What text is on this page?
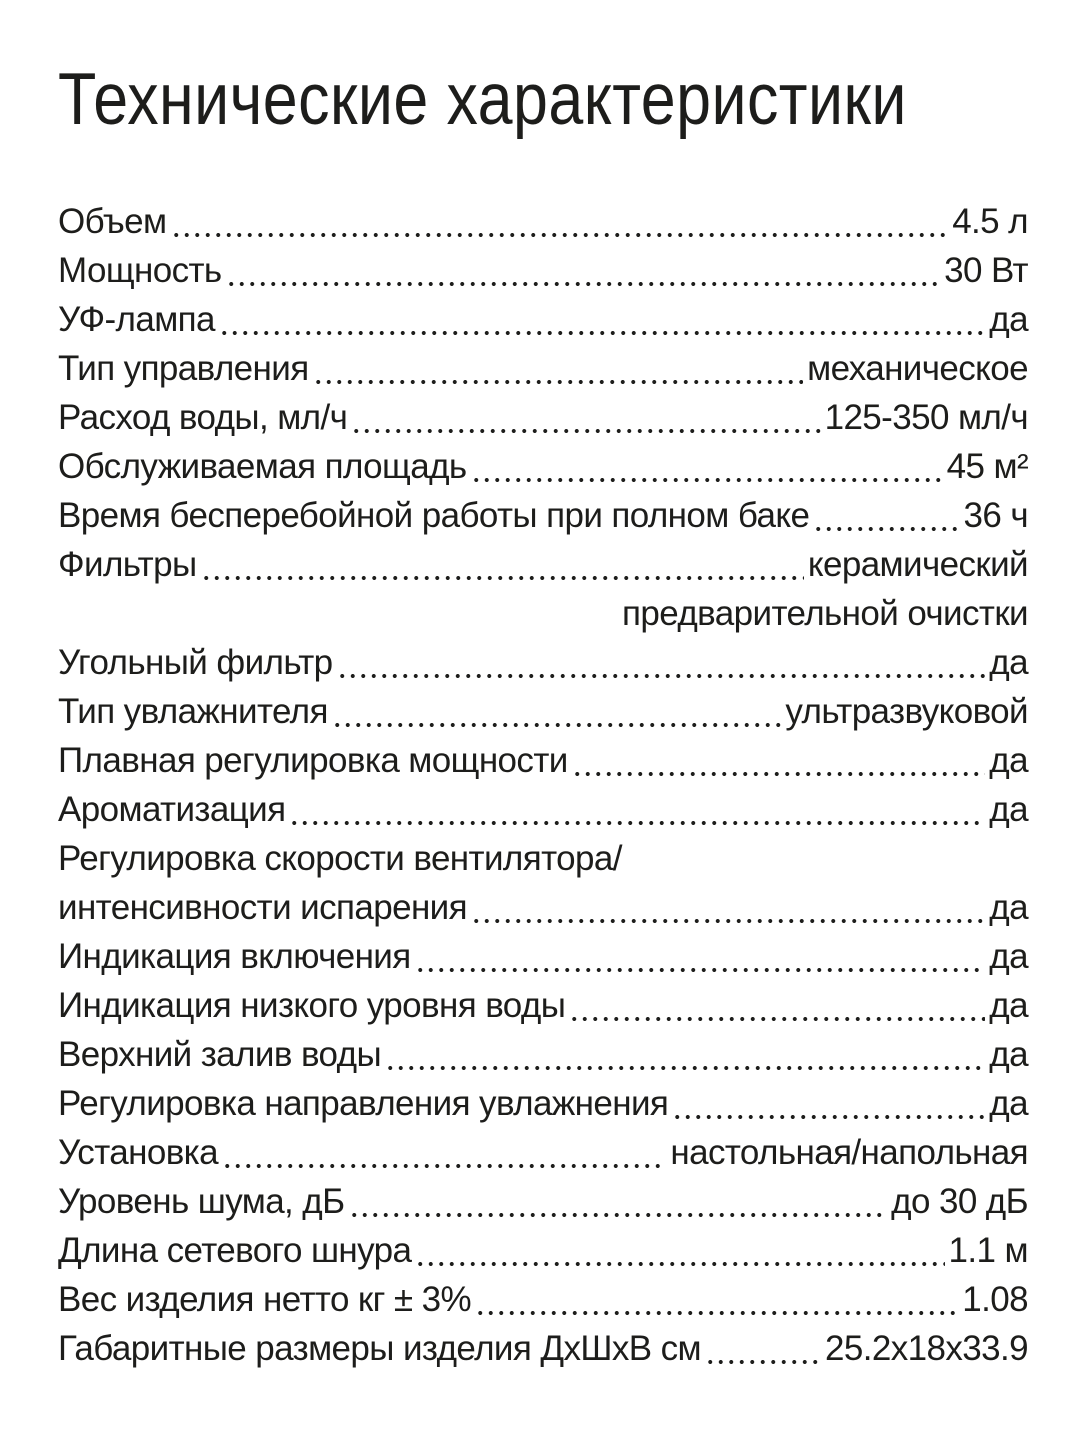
Технические характеристики
Объем	4.5 л
Мощность	30 Вт
УФ-лампа	да
Тип управления	механическое
Расход воды, мл/ч	125-350 мл/ч
Обслуживаемая площадь	45 м²
Время бесперебойной работы при полном баке	36 ч
Фильтры	керамический
предварительной очистки
Угольный фильтр	да
Тип увлажнителя	ультразвуковой
Плавная регулировка мощности	да
Ароматизация	да
Регулировка скорости вентилятора/
интенсивности испарения	да
Индикация включения	да
Индикация низкого уровня воды	да
Верхний залив воды	да
Регулировка направления увлажнения	да
Установка	настольная/напольная
Уровень шума, дБ	до 30 дБ
Длина сетевого шнура	1.1 м
Вес изделия нетто кг ± 3%	1.08
Габаритные размеры изделия ДхШхВ см	25.2x18x33.9
